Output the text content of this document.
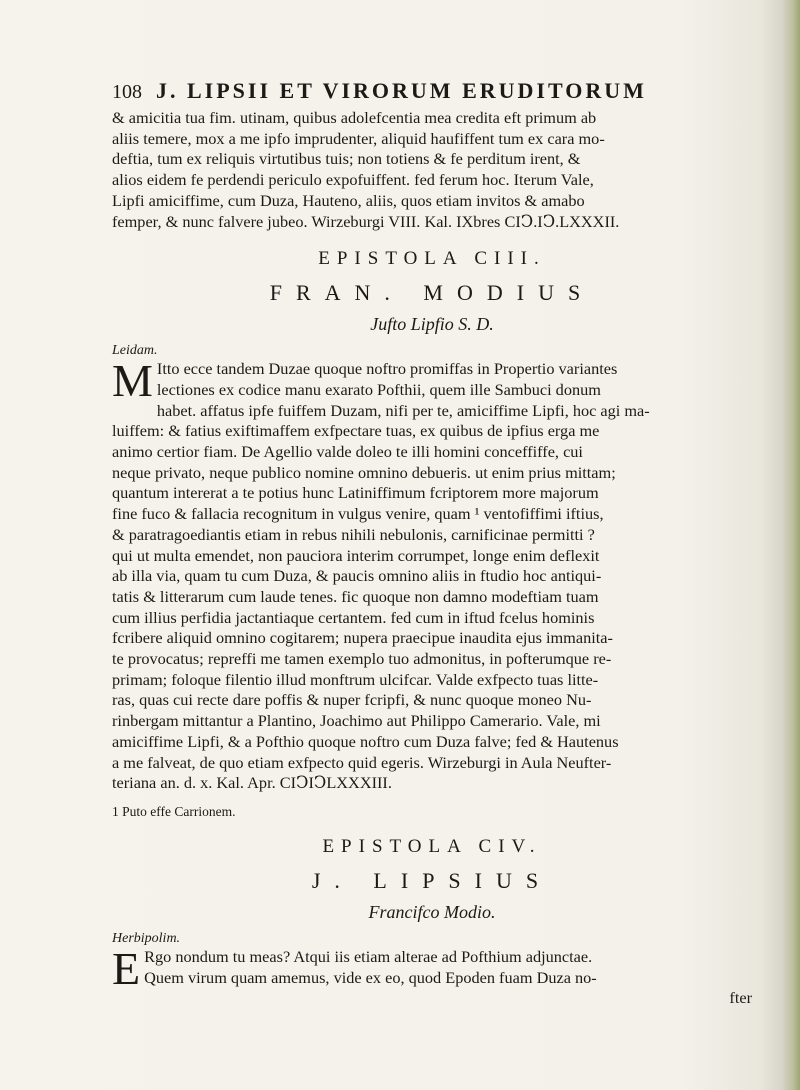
108 J. LIPSII ET VIRORUM ERUDITORUM

& amicitia tua fim. utinam, quibus adolefcentia mea credita eft primum ab

aliis temere, mox a me ipfo imprudenter, aliquid haufiffent tum ex cara mo-

deftia, tum ex reliquis virtutibus tuis; non totiens & fe perditum irent, &

alios eidem fe perdendi periculo expofuiffent. fed ferum hoc. Iterum Vale,

Lipfi amiciffime, cum Duza, Hauteno, aliis, quos etiam invitos & amabo

femper, & nunc falvere jubeo. Wirzeburgi VIII. Kal. IXbres CIↃ.IↃ.LXXXII.

EPISTOLA CIII.
FRAN. MODIUS
Jufto Lipfio S. D.
Leidam.
M Itto ecce tandem Duzae quoque noftro promiffas in Propertio variantes

lectiones ex codice manu exarato Pofthii, quem ille Sambuci donum

habet. affatus ipfe fuiffem Duzam, nifi per te, amiciffime Lipfi, hoc agi ma-

luiffem: & fatius exiftimaffem exfpectare tuas, ex quibus de ipfius erga me

animo certior fiam. De Agellio valde doleo te illi homini conceffiffe, cui

neque privato, neque publico nomine omnino debueris. ut enim prius mittam;

quantum intererat a te potius hunc Latiniffimum fcriptorem more majorum

fine fuco & fallacia recognitum in vulgus venire, quam ¹ ventofiffimi iftius,

& paratragoediantis etiam in rebus nihili nebulonis, carnificinae permitti ?

qui ut multa emendet, non pauciora interim corrumpet, longe enim deflexit

ab illa via, quam tu cum Duza, & paucis omnino aliis in ftudio hoc antiqui-

tatis & litterarum cum laude tenes. fic quoque non damno modeftiam tuam

cum illius perfidia jactantiaque certantem. fed cum in iftud fcelus hominis

fcribere aliquid omnino cogitarem; nupera praecipue inaudita ejus immanita-

te provocatus; repreffi me tamen exemplo tuo admonitus, in pofterumque re-

primam; foloque filentio illud monftrum ulcifcar. Valde exfpecto tuas litte-

ras, quas cui recte dare poffis & nuper fcripfi, & nunc quoque moneo Nu-

rinbergam mittantur a Plantino, Joachimo aut Philippo Camerario. Vale, mi

amiciffime Lipfi, & a Pofthio quoque noftro cum Duza falve; fed & Hautenus

a me falveat, de quo etiam exfpecto quid egeris. Wirzeburgi in Aula Neufter-

teriana an. d. x. Kal. Apr. CIↃIↃLXXXIII.

1 Puto effe Carrionem.
EPISTOLA CIV.
J. LIPSIUS
Francifco Modio.
Herbipolim.
E Rgo nondum tu meas? Atqui iis etiam alterae ad Pofthium adjunctae.

Quem virum quam amemus, vide ex eo, quod Epoden fuam Duza no-

fter
